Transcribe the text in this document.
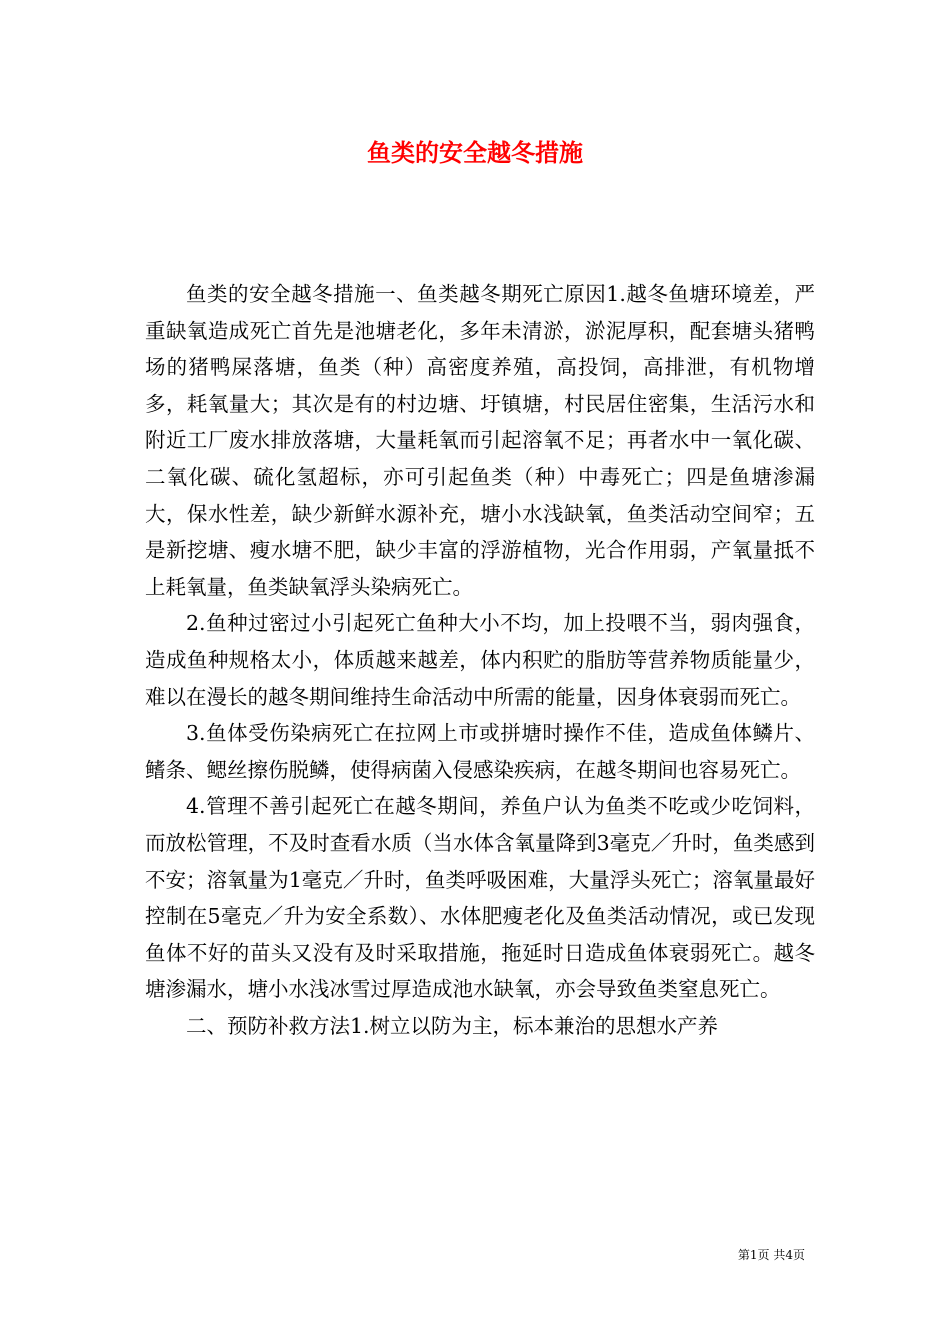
鱼类的安全越冬措施

鱼类的安全越冬措施一、鱼类越冬期死亡原因1.越冬鱼塘环境差，严重缺氧造成死亡首先是池塘老化，多年未清淤，淤泥厚积，配套塘头猪鸭场的猪鸭屎落塘，鱼类（种）高密度养殖，高投饲，高排泄，有机物增多，耗氧量大；其次是有的村边塘、圩镇塘，村民居住密集，生活污水和附近工厂废水排放落塘，大量耗氧而引起溶氧不足；再者水中一氧化碳、二氧化碳、硫化氢超标，亦可引起鱼类（种）中毒死亡；四是鱼塘渗漏大，保水性差，缺少新鲜水源补充，塘小水浅缺氧，鱼类活动空间窄；五是新挖塘、瘦水塘不肥，缺少丰富的浮游植物，光合作用弱，产氧量抵不上耗氧量，鱼类缺氧浮头染病死亡。

2.鱼种过密过小引起死亡鱼种大小不均，加上投喂不当，弱肉强食，造成鱼种规格太小，体质越来越差，体内积贮的脂肪等营养物质能量少，难以在漫长的越冬期间维持生命活动中所需的能量，因身体衰弱而死亡。

3.鱼体受伤染病死亡在拉网上市或拼塘时操作不佳，造成鱼体鳞片、鳍条、鳃丝擦伤脱鳞，使得病菌入侵感染疾病，在越冬期间也容易死亡。

4.管理不善引起死亡在越冬期间，养鱼户认为鱼类不吃或少吃饲料，而放松管理，不及时查看水质（当水体含氧量降到3毫克／升时，鱼类感到不安；溶氧量为1毫克／升时，鱼类呼吸困难，大量浮头死亡；溶氧量最好控制在5毫克／升为安全系数）、水体肥瘦老化及鱼类活动情况，或已发现鱼体不好的苗头又没有及时采取措施，拖延时日造成鱼体衰弱死亡。越冬塘渗漏水，塘小水浅冰雪过厚造成池水缺氧，亦会导致鱼类窒息死亡。

二、预防补救方法1.树立以防为主，标本兼治的思想水产养

第1页 共4页
